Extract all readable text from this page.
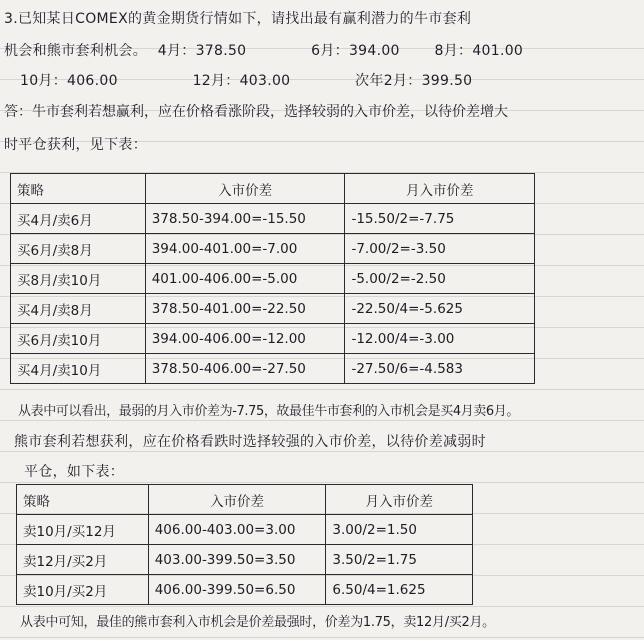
3.已知某日COMEX的黄金期货行情如下，请找出最有赢利潜力的牛市套利
机会和熊市套利机会。 4月：378.50	6月：394.00 8月：401.00
10月：406.00	12月：403.00	次年2月：399.50
答：牛市套利若想赢利，应在价格看涨阶段，选择较弱的入市价差，以待价差增大
时平仓获利，见下表：
策略	入市价差	月入市价差
买4月/卖6月	378.50-394.00=-15.50	-15.50/2=-7.75
买6月/卖8月	394.00-401.00=-7.00	-7.00/2=-3.50
买8月/卖10月	401.00-406.00=-5.00	-5.00/2=-2.50
买4月/卖8月	378.50-401.00=-22.50	-22.50/4=-5.625
买6月/卖10月	394.00-406.00=-12.00	-12.00/4=-3.00
买4月/卖10月	378.50-406.00=-27.50	-27.50/6=-4.583
从表中可以看出，最弱的月入市价差为-7.75，故最佳牛市套利的入市机会是买4月卖6月。
熊市套利若想获利，应在价格看跌时选择较强的入市价差，以待价差减弱时
平仓，如下表：
策略	入市价差	月入市价差
卖10月/买12月	406.00-403.00=3.00	3.00/2=1.50
卖12月/买2月	403.00-399.50=3.50	3.50/2=1.75
卖10月/买2月	406.00-399.50=6.50	6.50/4=1.625
从表中可知，最佳的熊市套利入市机会是价差最强时，价差为1.75，卖12月/买2月。
